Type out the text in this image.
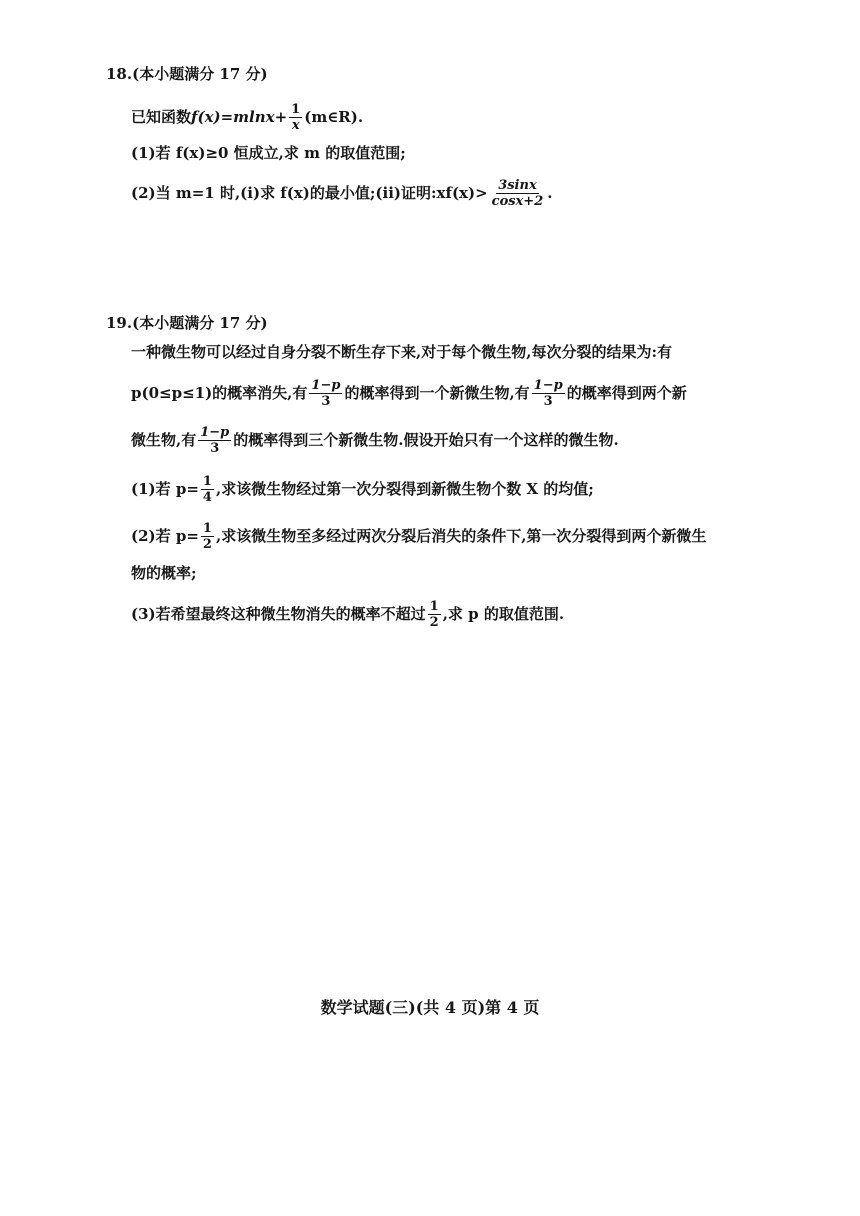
18.(本小题满分 17 分)
已知函数 $f(x)=mlnx+ \frac{1}{x}$ (m∈R).
(1)若 f(x)≥0 恒成立,求 m 的取值范围;
(2)当 m=1 时,(i)求 f(x)的最小值;(ii)证明:xf(x)> $\frac{3\sin x}{\cos x+2}$ .
19.(本小题满分 17 分)
一种微生物可以经过自身分裂不断生存下来,对于每个微生物,每次分裂的结果为:有
p(0≤p≤1)的概率消失,有 $\frac{1-p}{3}$ 的概率得到一个新微生物,有 $\frac{1-p}{3}$ 的概率得到两个新
微生物,有 $\frac{1-p}{3}$ 的概率得到三个新微生物.假设开始只有一个这样的微生物.
(1)若 $p= \frac{1}{4}$ ,求该微生物经过第一次分裂得到新微生物个数 X 的均值;
(2)若 $p= \frac{1}{2}$ ,求该微生物至多经过两次分裂后消失的条件下,第一次分裂得到两个新微生
物的概率;
(3)若希望最终这种微生物消失的概率不超过 $\frac{1}{2}$ ,求 p 的取值范围.
数学试题(三)(共 4 页)第 4 页
